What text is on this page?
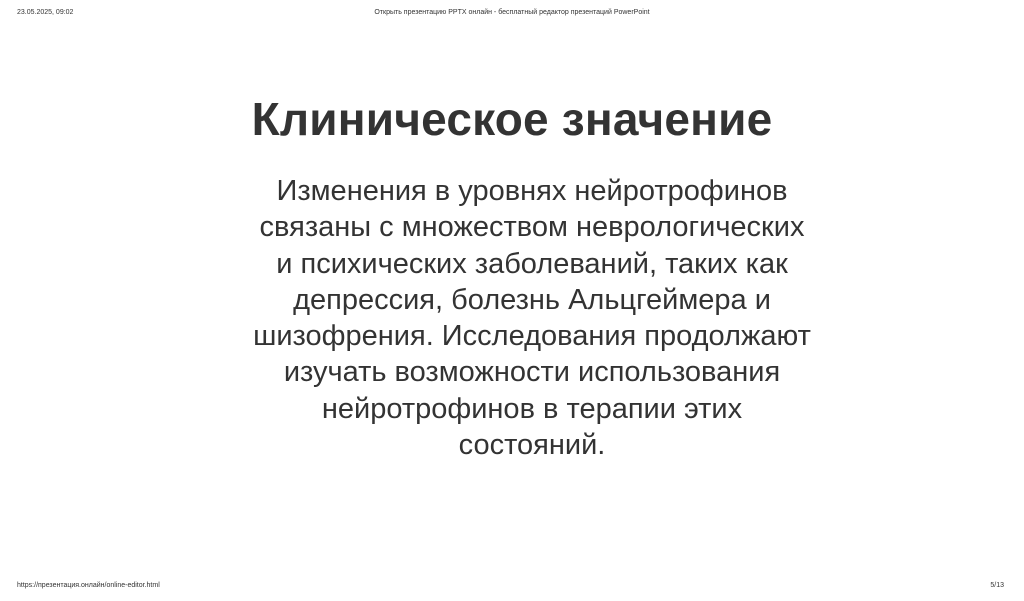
23.05.2025, 09:02	Открыть презентацию PPTX онлайн - бесплатный редактор презентаций PowerPoint
Клиническое значение
Изменения в уровнях нейротрофинов
связаны с множеством неврологических
и психических заболеваний, таких как
депрессия, болезнь Альцгеймера и
шизофрения. Исследования продолжают
изучать возможности использования
нейротрофинов в терапии этих
состояний.
https://презентация.онлайн/online-editor.html	5/13
